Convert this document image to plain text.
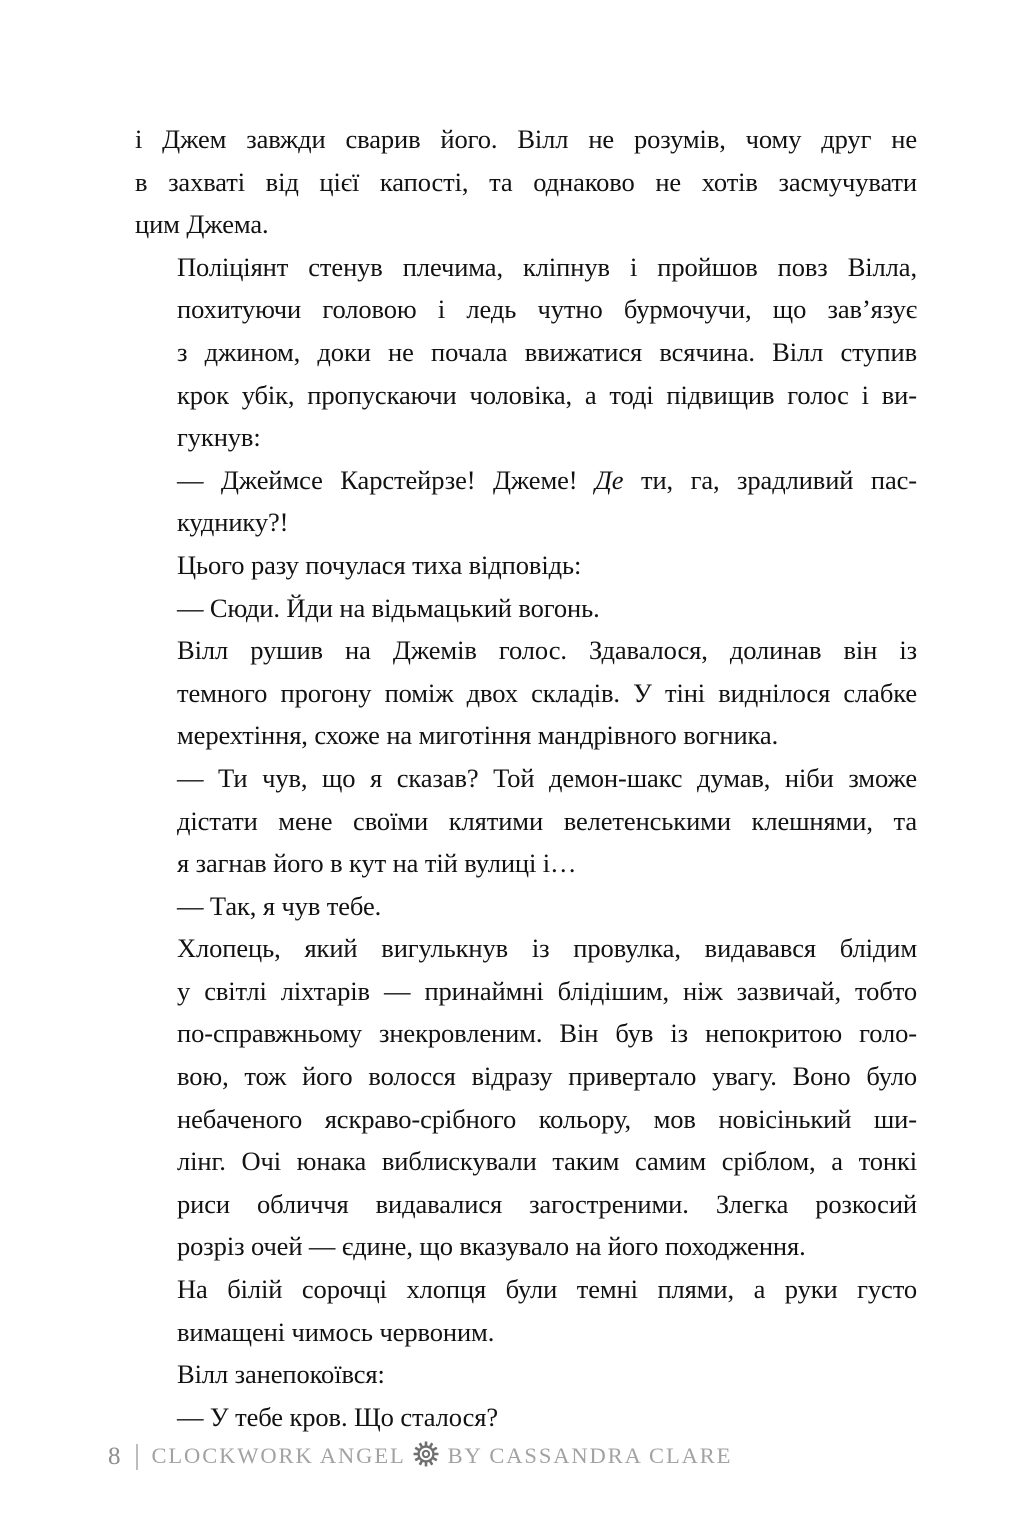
і Джем завжди сварив його. Вілл не розумів, чому друг не
в захваті від цієї капості, та однаково не хотів засмучувати
цим Джема.

Поліціянт стенув плечима, кліпнув і пройшов повз Вілла,
похитуючи головою і ледь чутно бурмочучи, що зав’язує
з джином, доки не почала ввижатися всячина. Вілл ступив
крок убік, пропускаючи чоловіка, а тоді підвищив голос і ви-
гукнув:

— Джеймсе Карстейрзе! Джеме! Де ти, га, зрадливий пас-
куднику?!

Цього разу почулася тиха відповідь:

— Сюди. Йди на відьмацький вогонь.

Вілл рушив на Джемів голос. Здавалося, долинав він із
темного прогону поміж двох складів. У тіні виднілося слабке
мерехтіння, схоже на миготіння мандрівного вогника.

— Ти чув, що я сказав? Той демон-шакс думав, ніби зможе
дістати мене своїми клятими велетенськими клешнями, та
я загнав його в кут на тій вулиці і…

— Так, я чув тебе.

Хлопець, який вигулькнув із провулка, видавався блідим
у світлі ліхтарів — принаймні блідішим, ніж зазвичай, тобто
по-справжньому знекровленим. Він був із непокритою голо-
вою, тож його волосся відразу привертало увагу. Воно було
небаченого яскраво-срібного кольору, мов новісінький ши-
лінг. Очі юнака виблискували таким самим сріблом, а тонкі
риси обличчя видавалися загостреними. Злегка розкосий
розріз очей — єдине, що вказувало на його походження.

На білій сорочці хлопця були темні плями, а руки густо
вимащені чимось червоним.

Вілл занепокоївся:

— У тебе кров. Що сталося?

8 CLOCKWORK ANGEL BY CASSANDRA CLARE
